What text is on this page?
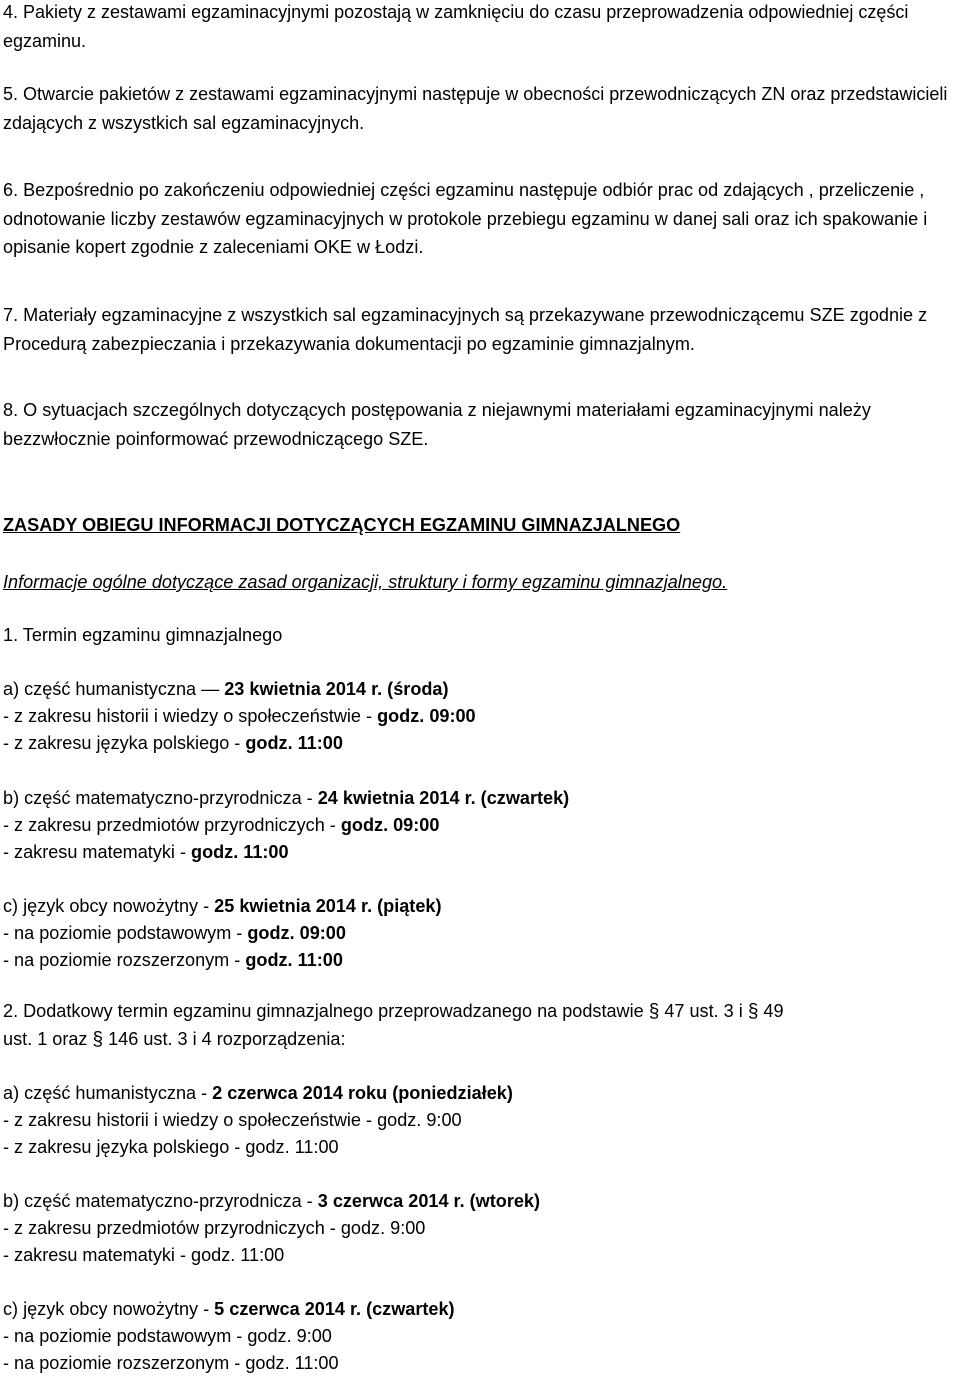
4. Pakiety z zestawami egzaminacyjnymi pozostają w zamknięciu do czasu przeprowadzenia odpowiedniej części egzaminu.

5. Otwarcie pakietów z zestawami egzaminacyjnymi następuje w obecności przewodniczących ZN oraz przedstawicieli zdających z wszystkich sal egzaminacyjnych.

6. Bezpośrednio po zakończeniu odpowiedniej części egzaminu następuje odbiór prac od zdających , przeliczenie , odnotowanie liczby zestawów egzaminacyjnych w protokole przebiegu egzaminu w danej sali oraz ich spakowanie i opisanie kopert zgodnie z zaleceniami OKE w Łodzi.

7. Materiały egzaminacyjne z wszystkich sal egzaminacyjnych są przekazywane przewodniczącemu SZE zgodnie z Procedurą zabezpieczania i przekazywania dokumentacji po egzaminie gimnazjalnym.

8. O sytuacjach szczególnych dotyczących postępowania z niejawnymi materiałami egzaminacyjnymi należy bezzwłocznie poinformować przewodniczącego SZE.

ZASADY OBIEGU INFORMACJI DOTYCZĄCYCH EGZAMINU GIMNAZJALNEGO
Informacje ogólne dotyczące zasad organizacji, struktury i formy egzaminu gimnazjalnego.
1. Termin egzaminu gimnazjalnego
a) część humanistyczna — 23 kwietnia 2014 r. (środa)
- z zakresu historii i wiedzy o społeczeństwie - godz. 09:00
- z zakresu języka polskiego - godz. 11:00
b) część matematyczno-przyrodnicza - 24 kwietnia 2014 r. (czwartek)
- z zakresu przedmiotów przyrodniczych - godz. 09:00
- zakresu matematyki - godz. 11:00
c) język obcy nowożytny - 25 kwietnia 2014 r. (piątek)
- na poziomie podstawowym - godz. 09:00
- na poziomie rozszerzonym - godz. 11:00
2. Dodatkowy termin egzaminu gimnazjalnego przeprowadzanego na podstawie § 47 ust. 3 i § 49
ust. 1 oraz § 146 ust. 3 i 4 rozporządzenia:
a) część humanistyczna - 2 czerwca 2014 roku (poniedziałek)
- z zakresu historii i wiedzy o społeczeństwie - godz. 9:00
- z zakresu języka polskiego - godz. 11:00
b) część matematyczno-przyrodnicza - 3 czerwca 2014 r. (wtorek)
- z zakresu przedmiotów przyrodniczych - godz. 9:00
- zakresu matematyki - godz. 11:00
c) język obcy nowożytny - 5 czerwca 2014 r. (czwartek)
- na poziomie podstawowym - godz. 9:00
- na poziomie rozszerzonym - godz. 11:00
